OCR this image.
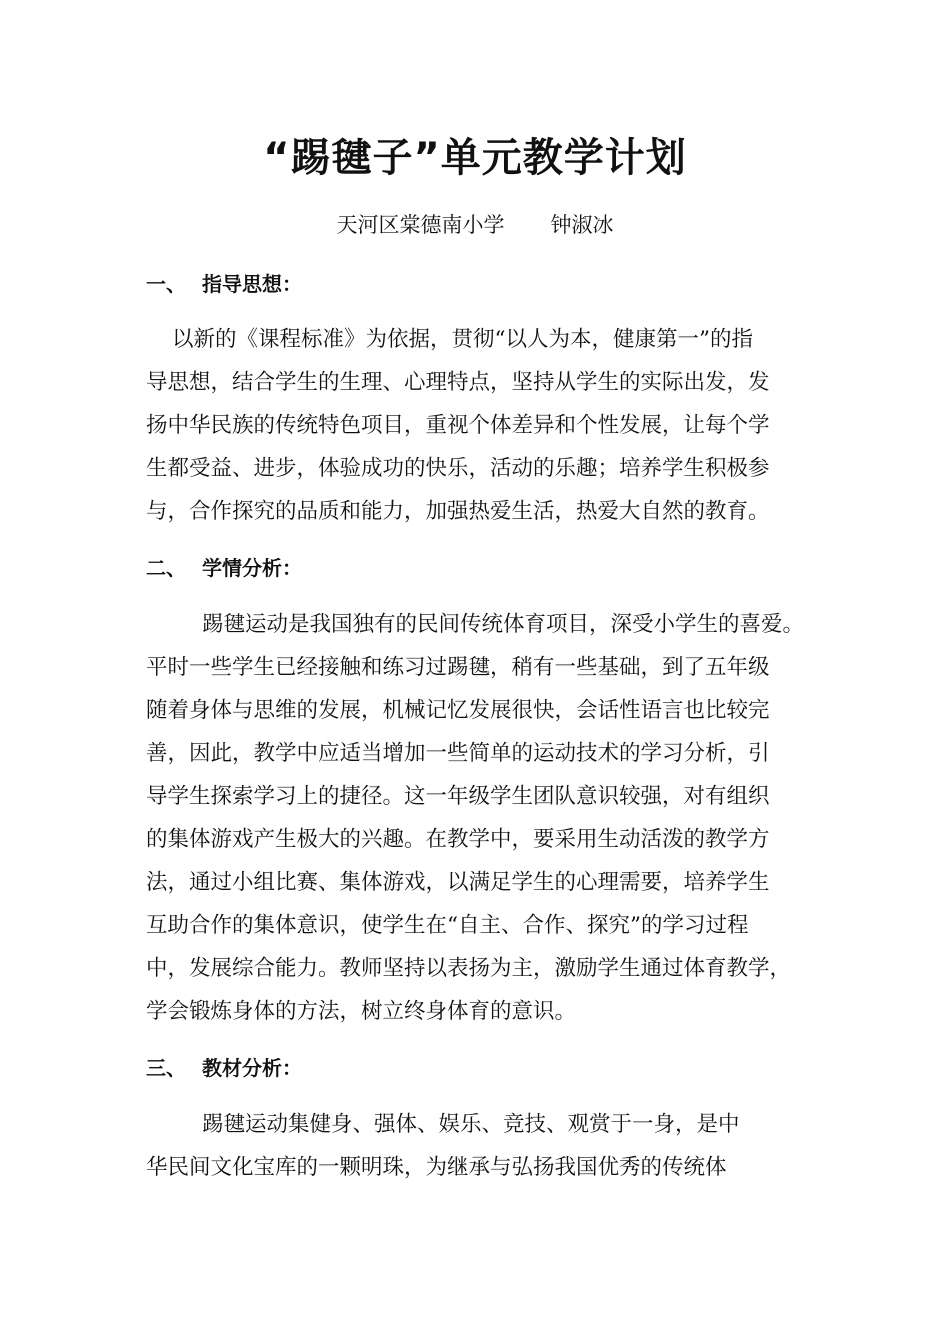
“踢毽子”单元教学计划
天河区棠德南小学 钟淑冰
一、 指导思想：
以新的《课程标准》为依据，贯彻“以人为本，健康第一”的指
导思想，结合学生的生理、心理特点，坚持从学生的实际出发，发
扬中华民族的传统特色项目，重视个体差异和个性发展，让每个学
生都受益、进步，体验成功的快乐，活动的乐趣；培养学生积极参
与，合作探究的品质和能力，加强热爱生活，热爱大自然的教育。
二、 学情分析：
踢毽运动是我国独有的民间传统体育项目，深受小学生的喜爱。
平时一些学生已经接触和练习过踢毽，稍有一些基础，到了五年级
随着身体与思维的发展，机械记忆发展很快，会话性语言也比较完
善，因此，教学中应适当增加一些简单的运动技术的学习分析，引
导学生探索学习上的捷径。这一年级学生团队意识较强，对有组织
的集体游戏产生极大的兴趣。在教学中，要采用生动活泼的教学方
法，通过小组比赛、集体游戏，以满足学生的心理需要，培养学生
互助合作的集体意识，使学生在“自主、合作、探究”的学习过程
中，发展综合能力。教师坚持以表扬为主，激励学生通过体育教学，
学会锻炼身体的方法，树立终身体育的意识。
三、 教材分析：
踢毽运动集健身、强体、娱乐、竞技、观赏于一身，是中
华民间文化宝库的一颗明珠，为继承与弘扬我国优秀的传统体
